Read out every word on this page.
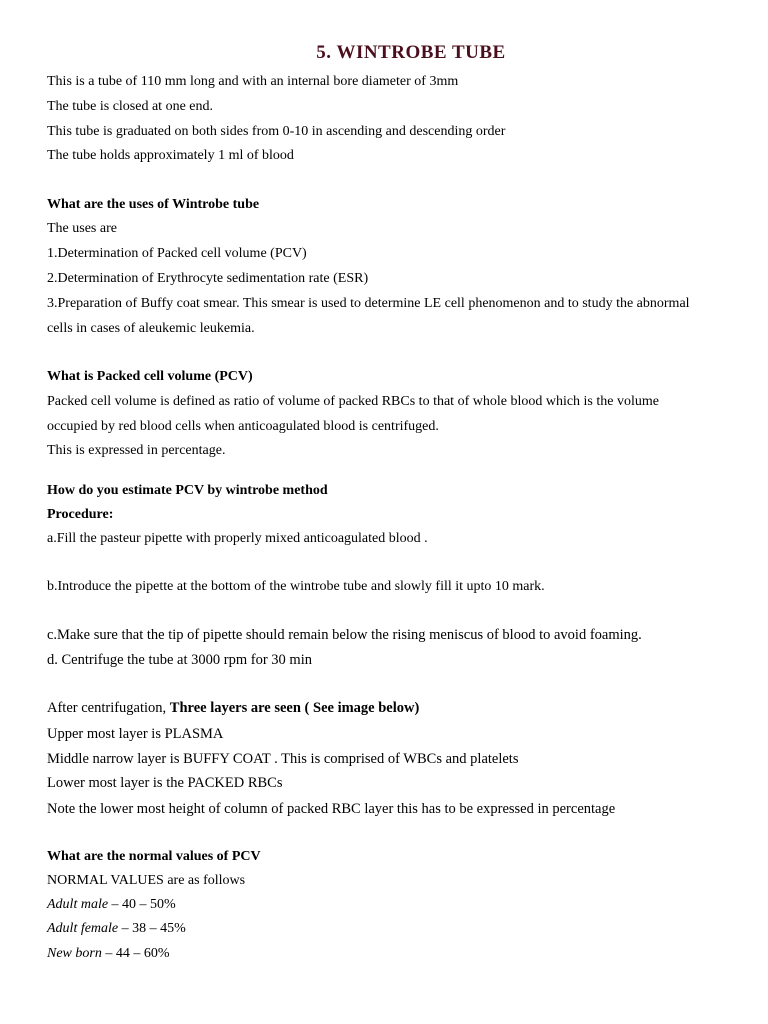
5. WINTROBE TUBE
This is a tube of 110 mm long and with an internal bore diameter of 3mm
The tube is closed at one end.
This tube is graduated on both sides from 0-10 in ascending and descending order
The tube holds approximately 1 ml of blood
What are the uses of Wintrobe tube
The uses are
1.Determination of Packed cell volume (PCV)
2.Determination of Erythrocyte sedimentation rate (ESR)
3.Preparation of Buffy coat smear. This smear is used to determine LE cell phenomenon and to study the abnormal
cells in cases of aleukemic leukemia.
What is Packed cell volume (PCV)
Packed cell volume is defined as ratio of volume of packed RBCs to that of whole blood which is the volume
occupied by red blood cells when anticoagulated blood is centrifuged.
This is expressed in percentage.
How do you estimate PCV by wintrobe method
Procedure:
a.Fill the pasteur pipette with properly mixed anticoagulated blood .
b.Introduce the pipette at the bottom of the wintrobe tube and slowly fill it upto 10 mark.
c.Make sure that the tip of pipette should remain below the rising meniscus of blood to avoid foaming.
d. Centrifuge the tube at 3000 rpm for 30 min
After centrifugation, Three layers are seen ( See image below)
Upper most layer is PLASMA
Middle narrow layer is BUFFY COAT . This is comprised of WBCs and platelets
Lower most layer is the PACKED RBCs
Note the lower most height of column of packed RBC layer this has to be expressed in percentage
What are the normal values of PCV
NORMAL VALUES are as follows
Adult male – 40 – 50%
Adult female – 38 – 45%
New born – 44 – 60%
